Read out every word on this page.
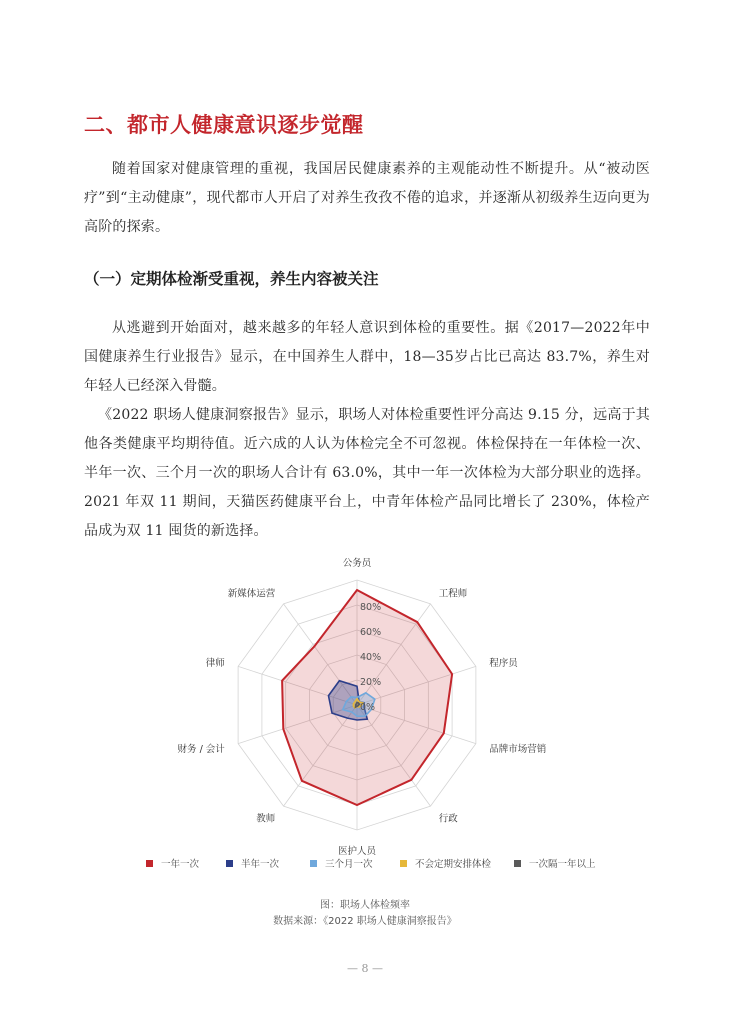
二、都市人健康意识逐步觉醒

随着国家对健康管理的重视，我国居民健康素养的主观能动性不断提升。从“被动医疗”到“主动健康”，现代都市人开启了对养生孜孜不倦的追求，并逐渐从初级养生迈向更为高阶的探索。

（一）定期体检渐受重视，养生内容被关注

从逃避到开始面对，越来越多的年轻人意识到体检的重要性。据《2017—2022年中国健康养生行业报告》显示，在中国养生人群中，18—35岁占比已高达 83.7%，养生对年轻人已经深入骨髓。

《2022 职场人健康洞察报告》显示，职场人对体检重要性评分高达 9.15 分，远高于其他各类健康平均期待值。近六成的人认为体检完全不可忽视。体检保持在一年体检一次、半年一次、三个月一次的职场人合计有 63.0%，其中一年一次体检为大部分职业的选择。2021 年双 11 期间，天猫医药健康平台上，中青年体检产品同比增长了 230%，体检产品成为双 11 囤货的新选择。

0%
20%
40%
60%
80%
公务员
工程师
程序员
品牌市场营销
行政
医护人员
教师
财务 / 会计
律师
新媒体运营
一年一次	半年一次	三个月一次	不会定期安排体检	一次隔一年以上

图：职场人体检频率

数据来源：《2022 职场人健康洞察报告》

— 8 —
